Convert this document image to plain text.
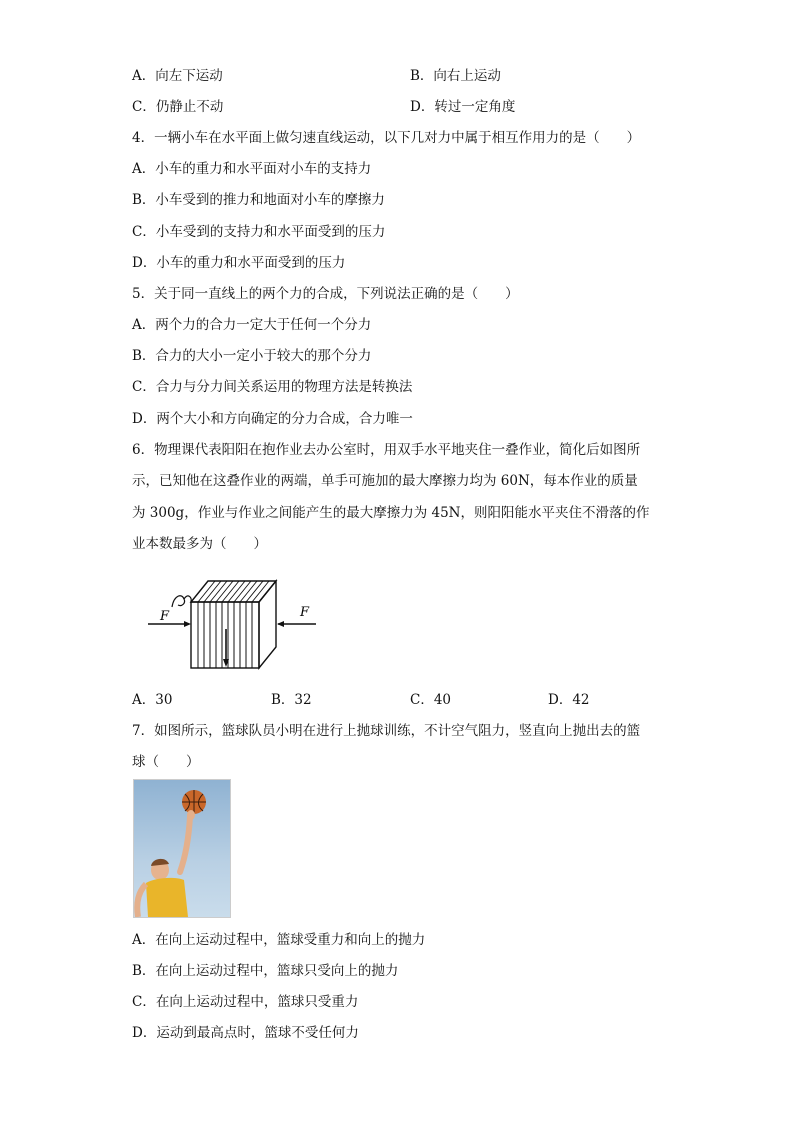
A．向左下运动	B．向右上运动
C．仍静止不动	D．转过一定角度
4．一辆小车在水平面上做匀速直线运动，以下几对力中属于相互作用力的是（　　）
A．小车的重力和水平面对小车的支持力
B．小车受到的推力和地面对小车的摩擦力
C．小车受到的支持力和水平面受到的压力
D．小车的重力和水平面受到的压力
5．关于同一直线上的两个力的合成，下列说法正确的是（　　）
A．两个力的合力一定大于任何一个分力
B．合力的大小一定小于较大的那个分力
C．合力与分力间关系运用的物理方法是转换法
D．两个大小和方向确定的分力合成，合力唯一
6．物理课代表阳阳在抱作业去办公室时，用双手水平地夹住一叠作业，简化后如图所
示，已知他在这叠作业的两端，单手可施加的最大摩擦力均为 60N，每本作业的质量
为 300g，作业与作业之间能产生的最大摩擦力为 45N，则阳阳能水平夹住不滑落的作
业本数最多为（　　）
F	F
A．30	B．32	C．40	D．42
7．如图所示，篮球队员小明在进行上抛球训练，不计空气阻力，竖直向上抛出去的篮
球（　　）
A．在向上运动过程中，篮球受重力和向上的抛力
B．在向上运动过程中，篮球只受向上的抛力
C．在向上运动过程中，篮球只受重力
D．运动到最高点时，篮球不受任何力
